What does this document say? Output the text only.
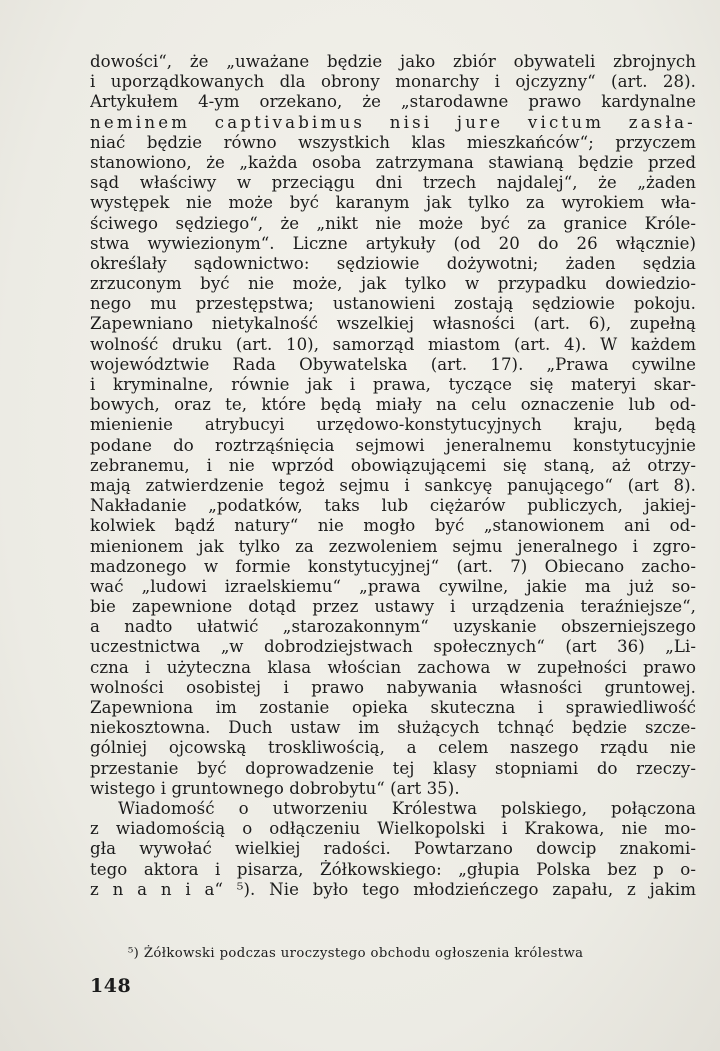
dowości“, że „uważane będzie jako zbiór obywateli zbrojnych
i uporządkowanych dla obrony monarchy i ojczyzny“ (art. 28).
Artykułem 4-ym orzekano, że „starodawne prawo kardynalne
neminem captivabimus nisi jure victum zasła-
niać będzie równo wszystkich klas mieszkańców“; przyczem
stanowiono, że „każda osoba zatrzymana stawianą będzie przed
sąd właściwy w przeciągu dni trzech najdalej“, że „żaden
występek nie może być karanym jak tylko za wyrokiem wła-
ściwego sędziego“, że „nikt nie może być za granice Króle-
stwa wywiezionym“. Liczne artykuły (od 20 do 26 włącznie)
określały sądownictwo: sędziowie dożywotni; żaden sędzia
zrzuconym być nie może, jak tylko w przypadku dowiedzio-
nego mu przestępstwa; ustanowieni zostają sędziowie pokoju.
Zapewniano nietykalność wszelkiej własności (art. 6), zupełną
wolność druku (art. 10), samorząd miastom (art. 4). W każdem
województwie Rada Obywatelska (art. 17). „Prawa cywilne
i kryminalne, równie jak i prawa, tyczące się materyi skar-
bowych, oraz te, które będą miały na celu oznaczenie lub od-
mienienie atrybucyi urzędowo-konstytucyjnych kraju, będą
podane do roztrząśnięcia sejmowi jeneralnemu konstytucyjnie
zebranemu, i nie wprzód obowiązującemi się staną, aż otrzy-
mają zatwierdzenie tegoż sejmu i sankcyę panującego“ (art 8).
Nakładanie „podatków, taks lub ciężarów publiczych, jakiej-
kolwiek bądź natury“ nie mogło być „stanowionem ani od-
mienionem jak tylko za zezwoleniem sejmu jeneralnego i zgro-
madzonego w formie konstytucyjnej“ (art. 7) Obiecano zacho-
wać „ludowi izraelskiemu“ „prawa cywilne, jakie ma już so-
bie zapewnione dotąd przez ustawy i urządzenia teraźniejsze“,
a nadto ułatwić „starozakonnym“ uzyskanie obszerniejszego
uczestnictwa „w dobrodziejstwach społecznych“ (art 36) „Li-
czna i użyteczna klasa włościan zachowa w zupełności prawo
wolności osobistej i prawo nabywania własności gruntowej.
Zapewniona im zostanie opieka skuteczna i sprawiedliwość
niekosztowna. Duch ustaw im służących tchnąć będzie szcze-
gólniej ojcowską troskliwością, a celem naszego rządu nie
przestanie być doprowadzenie tej klasy stopniami do rzeczy-
wistego i gruntownego dobrobytu“ (art 35).
Wiadomość o utworzeniu Królestwa polskiego, połączona
z wiadomością o odłączeniu Wielkopolski i Krakowa, nie mo-
gła wywołać wielkiej radości. Powtarzano dowcip znakomi-
tego aktora i pisarza, Żółkowskiego: „głupia Polska bez p o-
z n a n i a“ ⁵). Nie było tego młodzieńczego zapału, z jakim
⁵) Żółkowski podczas uroczystego obchodu ogłoszenia królestwa
148
